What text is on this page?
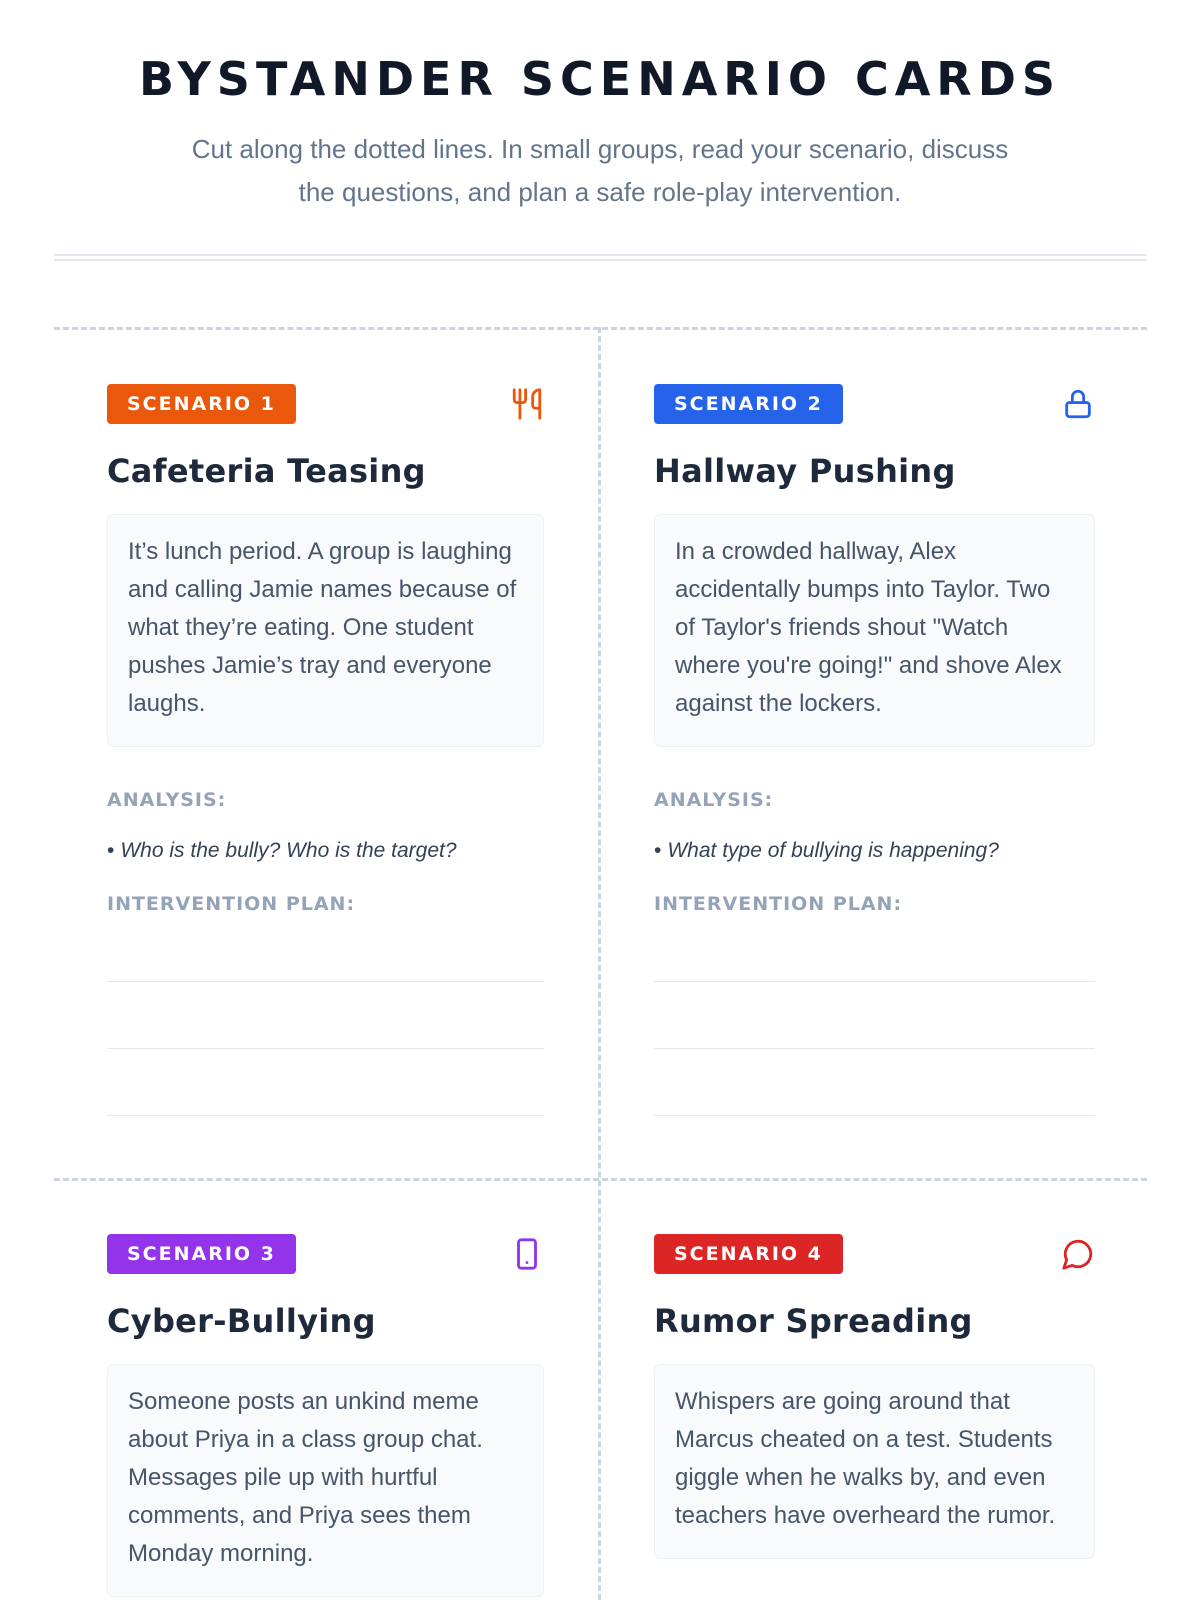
BYSTANDER SCENARIO CARDS
Cut along the dotted lines. In small groups, read your scenario, discuss the questions, and plan a safe role-play intervention.
SCENARIO 1
Cafeteria Teasing
It’s lunch period. A group is laughing and calling Jamie names because of what they’re eating. One student pushes Jamie’s tray and everyone laughs.
ANALYSIS:
• Who is the bully? Who is the target?
INTERVENTION PLAN:
SCENARIO 2
Hallway Pushing
In a crowded hallway, Alex accidentally bumps into Taylor. Two of Taylor's friends shout "Watch where you're going!" and shove Alex against the lockers.
ANALYSIS:
• What type of bullying is happening?
INTERVENTION PLAN:
SCENARIO 3
Cyber-Bullying
Someone posts an unkind meme about Priya in a class group chat. Messages pile up with hurtful comments, and Priya sees them Monday morning.
SCENARIO 4
Rumor Spreading
Whispers are going around that Marcus cheated on a test. Students giggle when he walks by, and even teachers have overheard the rumor.
